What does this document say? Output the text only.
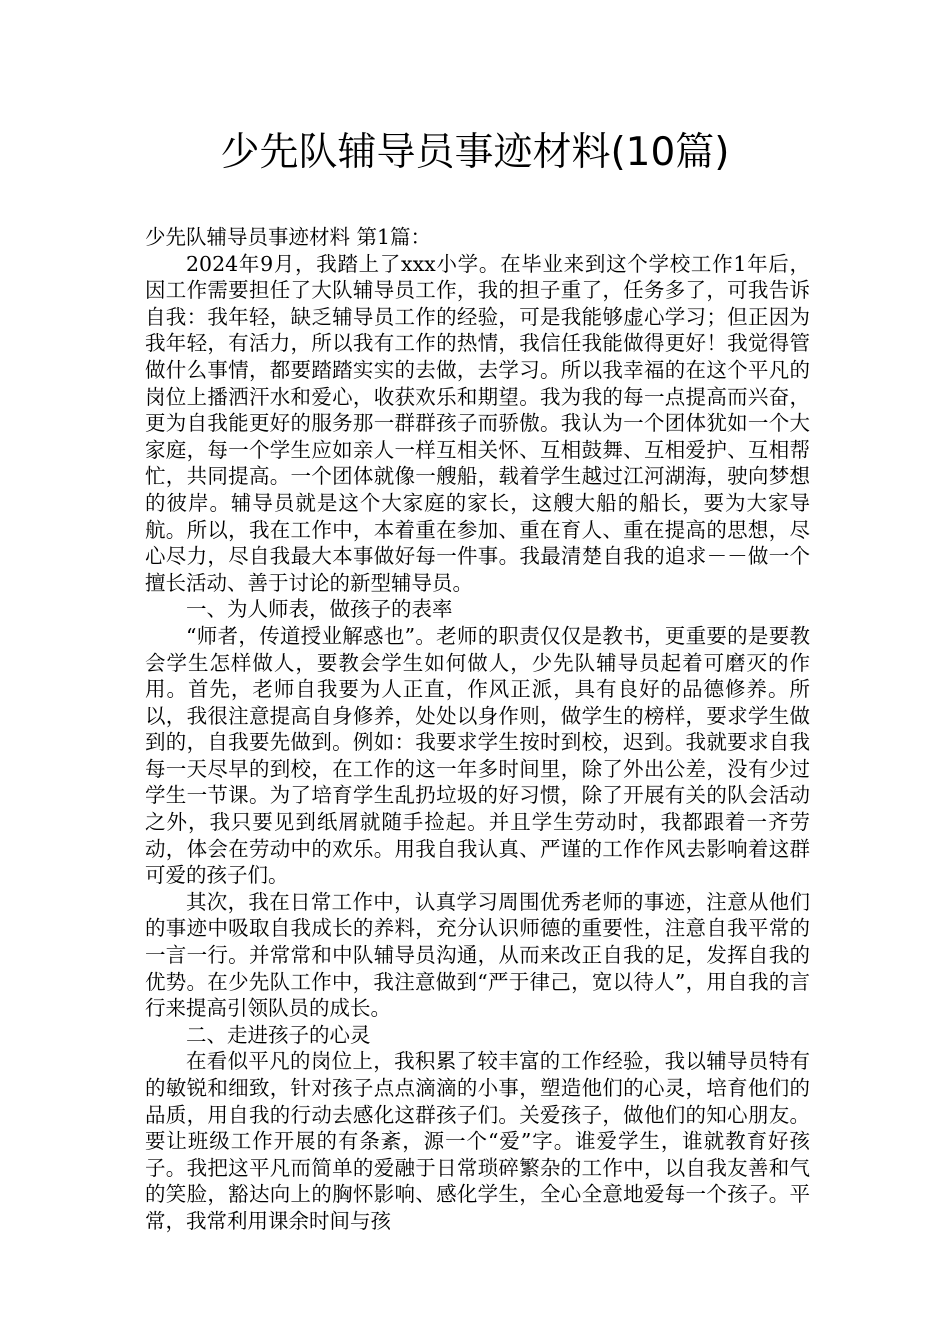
少先队辅导员事迹材料(10篇)

少先队辅导员事迹材料 第1篇：

2024年9月，我踏上了xxx小学。在毕业来到这个学校工作1年后，因工作需要担任了大队辅导员工作，我的担子重了，任务多了，可我告诉自我：我年轻，缺乏辅导员工作的经验，可是我能够虚心学习；但正因为我年轻，有活力，所以我有工作的热情，我信任我能做得更好！我觉得管做什么事情，都要踏踏实实的去做，去学习。所以我幸福的在这个平凡的岗位上播洒汗水和爱心，收获欢乐和期望。我为我的每一点提高而兴奋，更为自我能更好的服务那一群群孩子而骄傲。我认为一个团体犹如一个大家庭，每一个学生应如亲人一样互相关怀、互相鼓舞、互相爱护、互相帮忙，共同提高。一个团体就像一艘船，载着学生越过江河湖海，驶向梦想的彼岸。辅导员就是这个大家庭的家长，这艘大船的船长，要为大家导航。所以，我在工作中，本着重在参加、重在育人、重在提高的思想，尽心尽力，尽自我最大本事做好每一件事。我最清楚自我的追求－－做一个擅长活动、善于讨论的新型辅导员。

一、为人师表，做孩子的表率

“师者，传道授业解惑也”。老师的职责仅仅是教书，更重要的是要教会学生怎样做人，要教会学生如何做人，少先队辅导员起着可磨灭的作用。首先，老师自我要为人正直，作风正派，具有良好的品德修养。所以，我很注意提高自身修养，处处以身作则，做学生的榜样，要求学生做到的，自我要先做到。例如：我要求学生按时到校，迟到。我就要求自我每一天尽早的到校，在工作的这一年多时间里，除了外出公差，没有少过学生一节课。为了培育学生乱扔垃圾的好习惯，除了开展有关的队会活动之外，我只要见到纸屑就随手捡起。并且学生劳动时，我都跟着一齐劳动，体会在劳动中的欢乐。用我自我认真、严谨的工作作风去影响着这群可爱的孩子们。

其次，我在日常工作中，认真学习周围优秀老师的事迹，注意从他们的事迹中吸取自我成长的养料，充分认识师德的重要性，注意自我平常的一言一行。并常常和中队辅导员沟通，从而来改正自我的足，发挥自我的优势。在少先队工作中，我注意做到“严于律己，宽以待人”，用自我的言行来提高引领队员的成长。

二、走进孩子的心灵

在看似平凡的岗位上，我积累了较丰富的工作经验，我以辅导员特有的敏锐和细致，针对孩子点点滴滴的小事，塑造他们的心灵，培育他们的品质，用自我的行动去感化这群孩子们。关爱孩子，做他们的知心朋友。要让班级工作开展的有条紊，源一个“爱”字。谁爱学生，谁就教育好孩子。我把这平凡而简单的爱融于日常琐碎繁杂的工作中，以自我友善和气的笑脸，豁达向上的胸怀影响、感化学生，全心全意地爱每一个孩子。平常，我常利用课余时间与孩
